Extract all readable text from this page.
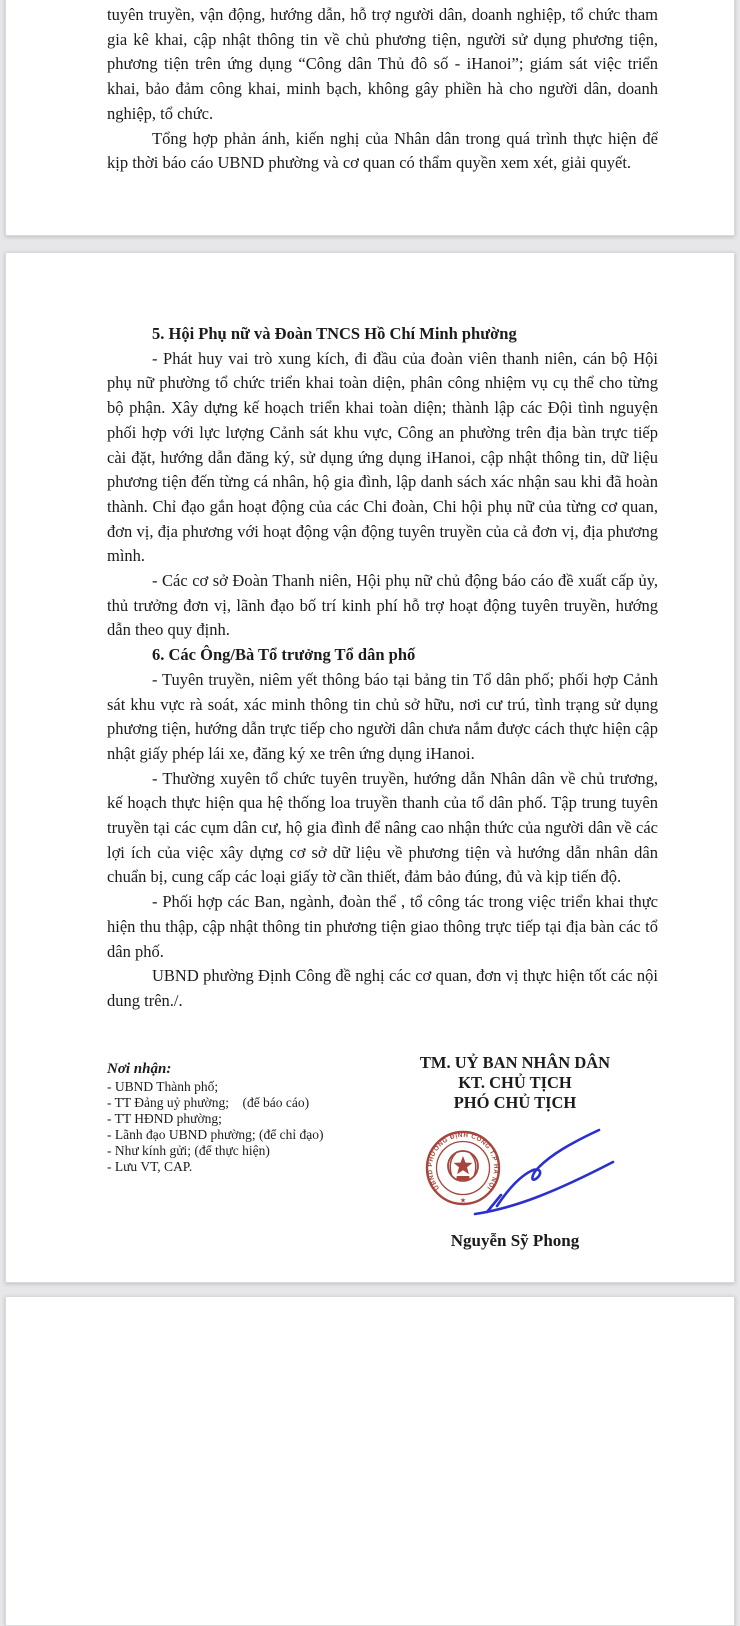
tuyên truyền, vận động, hướng dẫn, hỗ trợ người dân, doanh nghiệp, tổ chức tham gia kê khai, cập nhật thông tin về chủ phương tiện, người sử dụng phương tiện, phương tiện trên ứng dụng “Công dân Thủ đô số - iHanoi”; giám sát việc triển khai, bảo đảm công khai, minh bạch, không gây phiền hà cho người dân, doanh nghiệp, tổ chức.

Tổng hợp phản ánh, kiến nghị của Nhân dân trong quá trình thực hiện để kịp thời báo cáo UBND phường và cơ quan có thẩm quyền xem xét, giải quyết.

5. Hội Phụ nữ và Đoàn TNCS Hồ Chí Minh phường

- Phát huy vai trò xung kích, đi đầu của đoàn viên thanh niên, cán bộ Hội phụ nữ phường tổ chức triển khai toàn diện, phân công nhiệm vụ cụ thể cho từng bộ phận. Xây dựng kế hoạch triển khai toàn diện; thành lập các Đội tình nguyện phối hợp với lực lượng Cảnh sát khu vực, Công an phường trên địa bàn trực tiếp cài đặt, hướng dẫn đăng ký, sử dụng ứng dụng iHanoi, cập nhật thông tin, dữ liệu phương tiện đến từng cá nhân, hộ gia đình, lập danh sách xác nhận sau khi đã hoàn thành. Chỉ đạo gắn hoạt động của các Chi đoàn, Chi hội phụ nữ của từng cơ quan, đơn vị, địa phương với hoạt động vận động tuyên truyền của cả đơn vị, địa phương mình.

- Các cơ sở Đoàn Thanh niên, Hội phụ nữ chủ động báo cáo đề xuất cấp ủy, thủ trưởng đơn vị, lãnh đạo bố trí kinh phí hỗ trợ hoạt động tuyên truyền, hướng dẫn theo quy định.

6. Các Ông/Bà Tổ trưởng Tổ dân phố

- Tuyên truyền, niêm yết thông báo tại bảng tin Tổ dân phố; phối hợp Cảnh sát khu vực rà soát, xác minh thông tin chủ sở hữu, nơi cư trú, tình trạng sử dụng phương tiện, hướng dẫn trực tiếp cho người dân chưa nắm được cách thực hiện cập nhật giấy phép lái xe, đăng ký xe trên ứng dụng iHanoi.

- Thường xuyên tổ chức tuyên truyền, hướng dẫn Nhân dân về chủ trương, kế hoạch thực hiện qua hệ thống loa truyền thanh của tổ dân phố. Tập trung tuyên truyền tại các cụm dân cư, hộ gia đình để nâng cao nhận thức của người dân về các lợi ích của việc xây dựng cơ sở dữ liệu về phương tiện và hướng dẫn nhân dân chuẩn bị, cung cấp các loại giấy tờ cần thiết, đảm bảo đúng, đủ và kịp tiến độ.

- Phối hợp các Ban, ngành, đoàn thể , tổ công tác trong việc triển khai thực hiện thu thập, cập nhật thông tin phương tiện giao thông trực tiếp tại địa bàn các tổ dân phố.

UBND phường Định Công đề nghị các cơ quan, đơn vị thực hiện tốt các nội dung trên./.

Nơi nhận:
- UBND Thành phố;
- TT Đảng uỷ phường;    (để báo cáo)
- TT HĐND phường;
- Lãnh đạo UBND phường; (để chỉ đạo)
- Như kính gửi; (để thực hiện)
- Lưu VT, CAP.
TM. UỶ BAN NHÂN DÂN
KT. CHỦ TỊCH
PHÓ CHỦ TỊCH
UBND PHƯỜNG ĐỊNH CÔNG T.P HÀ NỘI
★
Nguyễn Sỹ Phong
